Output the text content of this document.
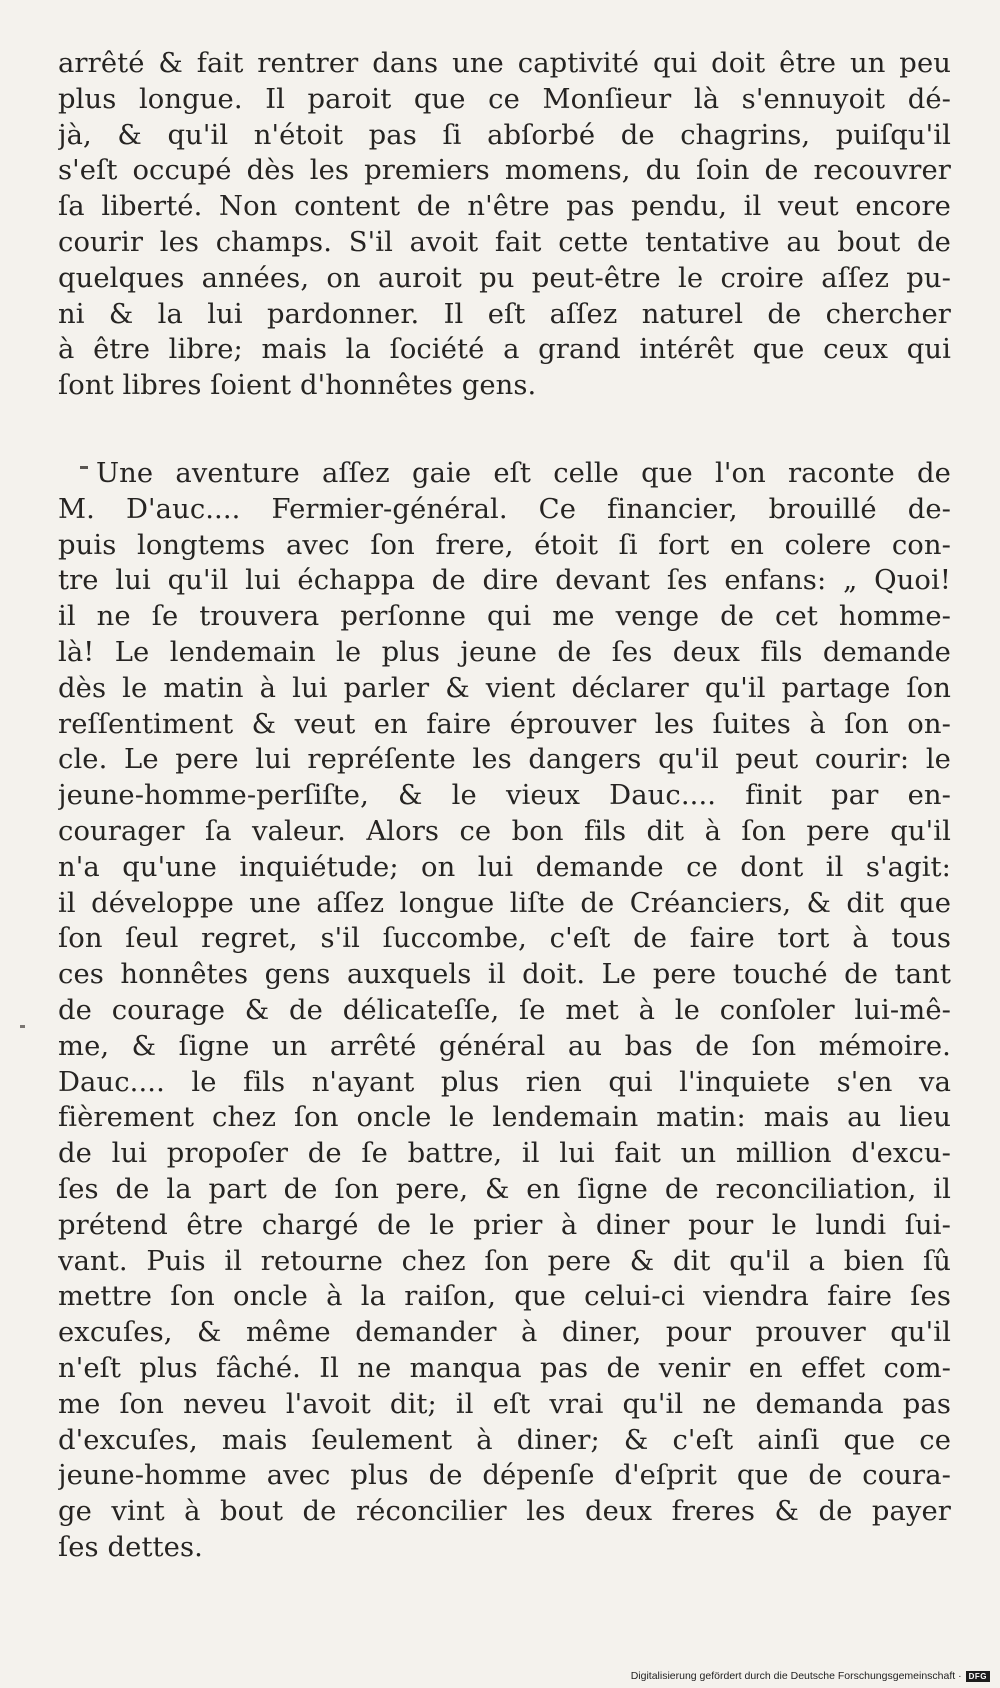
arrêté & fait rentrer dans une captivité qui doit être un peu
plus longue. Il paroit que ce Monſieur là s'ennuyoit dé-
jà, & qu'il n'étoit pas ſi abſorbé de chagrins, puiſqu'il
s'eſt occupé dès les premiers momens, du ſoin de recouvrer
ſa liberté. Non content de n'être pas pendu, il veut encore
courir les champs. S'il avoit fait cette tentative au bout de
quelques années, on auroit pu peut-être le croire aſſez pu-
ni & la lui pardonner. Il eſt aſſez naturel de chercher
à être libre; mais la ſociété a grand intérêt que ceux qui
ſont libres ſoient d'honnêtes gens.
Une aventure aſſez gaie eſt celle que l'on raconte de
M. D'auc.... Fermier-général. Ce financier, brouillé de-
puis longtems avec ſon frere, étoit ſi fort en colere con-
tre lui qu'il lui échappa de dire devant ſes enfans: „ Quoi!
il ne ſe trouvera perſonne qui me venge de cet homme-
là! Le lendemain le plus jeune de ſes deux fils demande
dès le matin à lui parler & vient déclarer qu'il partage ſon
reſſentiment & veut en faire éprouver les ſuites à ſon on-
cle. Le pere lui repréſente les dangers qu'il peut courir: le
jeune-homme-perſiſte, & le vieux Dauc.... finit par en-
courager ſa valeur. Alors ce bon fils dit à ſon pere qu'il
n'a qu'une inquiétude; on lui demande ce dont il s'agit:
il développe une aſſez longue liſte de Créanciers, & dit que
ſon ſeul regret, s'il ſuccombe, c'eſt de faire tort à tous
ces honnêtes gens auxquels il doit. Le pere touché de tant
de courage & de délicateſſe, ſe met à le conſoler lui-mê-
me, & ſigne un arrêté général au bas de ſon mémoire.
Dauc.... le fils n'ayant plus rien qui l'inquiete s'en va
fièrement chez ſon oncle le lendemain matin: mais au lieu
de lui propoſer de ſe battre, il lui fait un million d'excu-
ſes de la part de ſon pere, & en ſigne de reconciliation, il
prétend être chargé de le prier à diner pour le lundi ſui-
vant. Puis il retourne chez ſon pere & dit qu'il a bien ſû
mettre ſon oncle à la raiſon, que celui-ci viendra faire ſes
excuſes, & même demander à diner, pour prouver qu'il
n'eſt plus fâché. Il ne manqua pas de venir en effet com-
me ſon neveu l'avoit dit; il eſt vrai qu'il ne demanda pas
d'excuſes, mais ſeulement à diner; & c'eſt ainſi que ce
jeune-homme avec plus de dépenſe d'eſprit que de coura-
ge vint à bout de réconcilier les deux freres & de payer
ſes dettes.
Digitalisierung gefördert durch die Deutsche Forschungsgemeinschaft · DFG
